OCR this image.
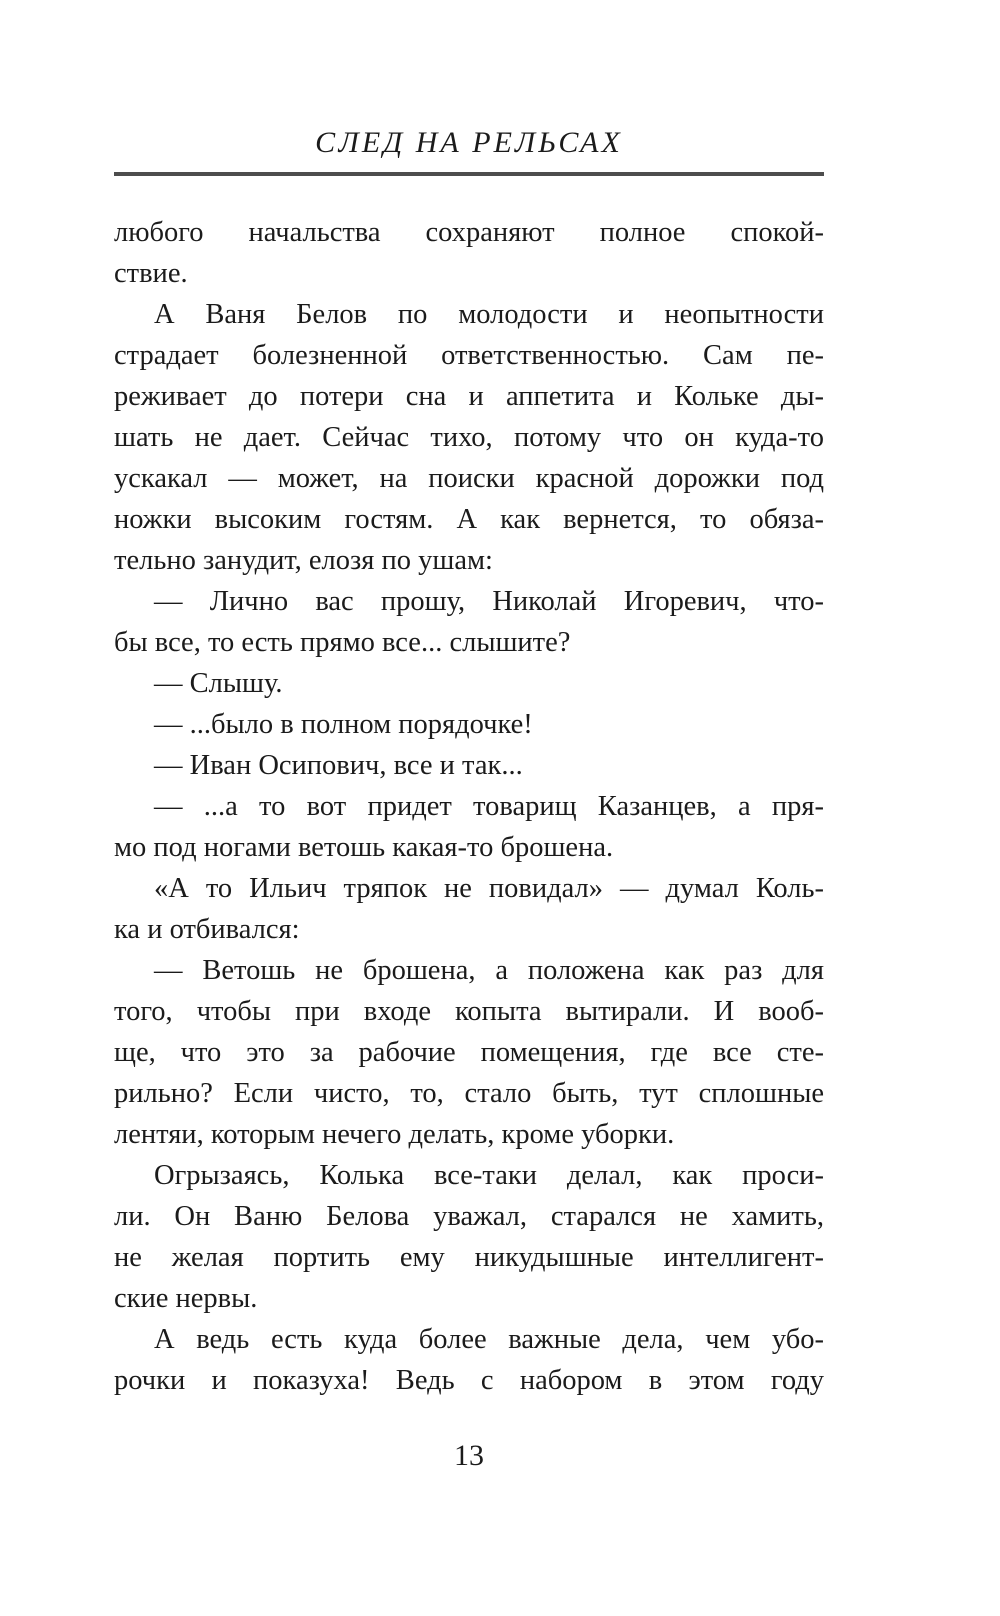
СЛЕД НА РЕЛЬСАХ
любого начальства сохраняют полное спокой-
ствие.
А Ваня Белов по молодости и неопытности
страдает болезненной ответственностью. Сам пе-
реживает до потери сна и аппетита и Кольке ды-
шать не дает. Сейчас тихо, потому что он куда-то
ускакал — может, на поиски красной дорожки под
ножки высоким гостям. А как вернется, то обяза-
тельно занудит, елозя по ушам:
— Лично вас прошу, Николай Игоревич, что-
бы все, то есть прямо все... слышите?
— Слышу.
— ...было в полном порядочке!
— Иван Осипович, все и так...
— ...а то вот придет товарищ Казанцев, а пря-
мо под ногами ветошь какая-то брошена.
«А то Ильич тряпок не повидал» — думал Коль-
ка и отбивался:
— Ветошь не брошена, а положена как раз для
того, чтобы при входе копыта вытирали. И вооб-
ще, что это за рабочие помещения, где все сте-
рильно? Если чисто, то, стало быть, тут сплошные
лентяи, которым нечего делать, кроме уборки.
Огрызаясь, Колька все-таки делал, как проси-
ли. Он Ваню Белова уважал, старался не хамить,
не желая портить ему никудышные интеллигент-
ские нервы.
А ведь есть куда более важные дела, чем убо-
рочки и показуха! Ведь с набором в этом году
13
